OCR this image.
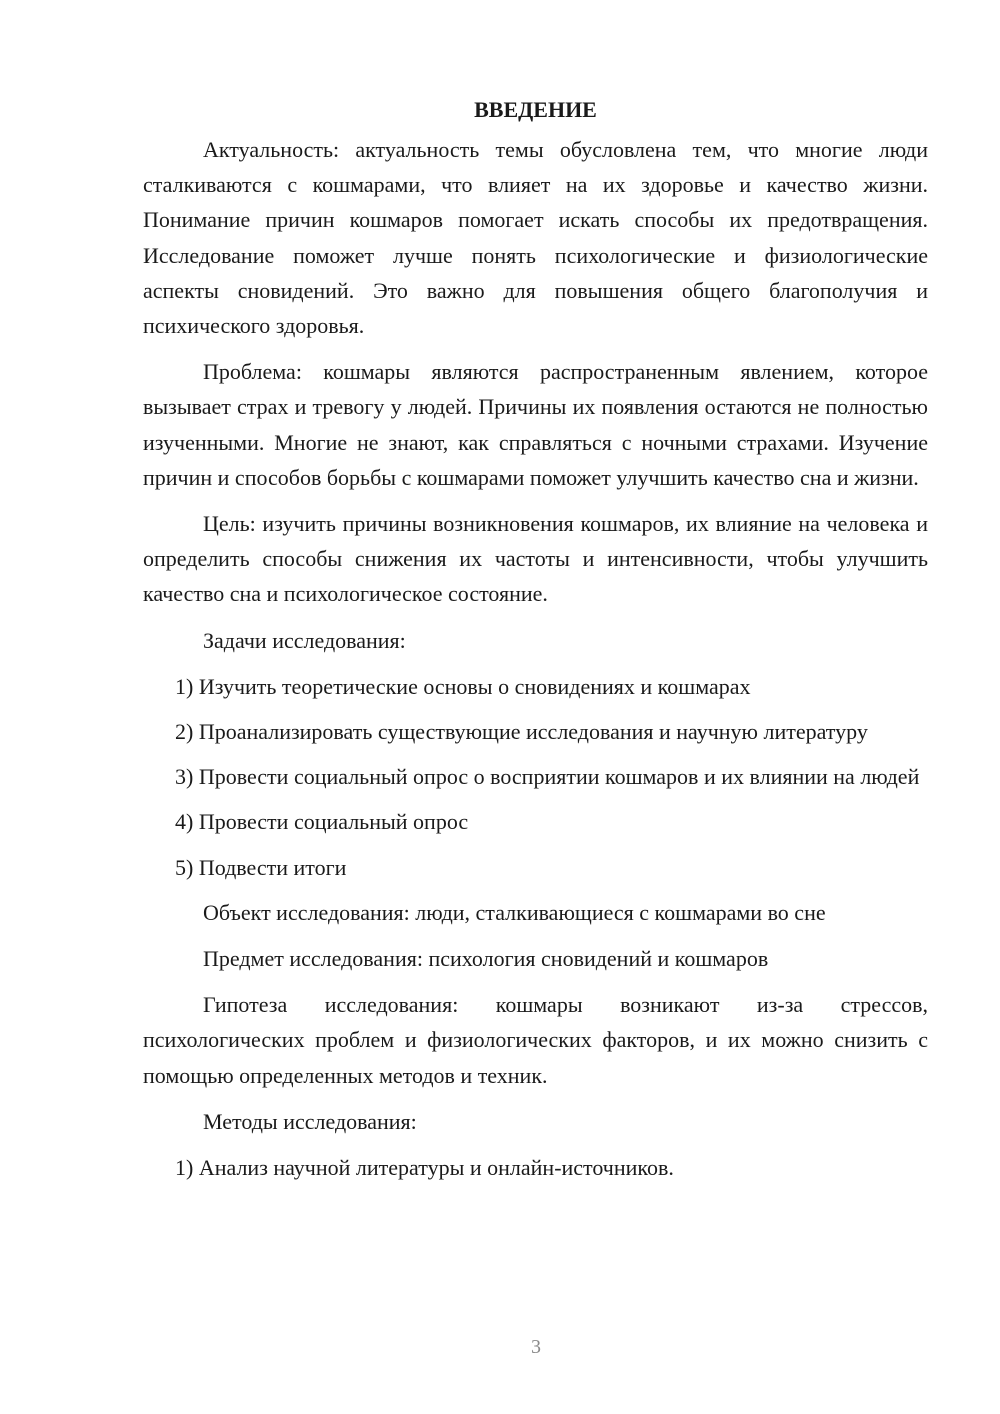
ВВЕДЕНИЕ
Актуальность: актуальность темы обусловлена тем, что многие люди сталкиваются с кошмарами, что влияет на их здоровье и качество жизни. Понимание причин кошмаров помогает искать способы их предотвращения. Исследование поможет лучше понять психологические и физиологические аспекты сновидений. Это важно для повышения общего благополучия и психического здоровья.
Проблема: кошмары являются распространенным явлением, которое вызывает страх и тревогу у людей. Причины их появления остаются не полностью изученными. Многие не знают, как справляться с ночными страхами. Изучение причин и способов борьбы с кошмарами поможет улучшить качество сна и жизни.
Цель: изучить причины возникновения кошмаров, их влияние на человека и определить способы снижения их частоты и интенсивности, чтобы улучшить качество сна и психологическое состояние.
Задачи исследования:
1) Изучить теоретические основы о сновидениях и кошмарах
2) Проанализировать существующие исследования и научную литературу
3) Провести социальный опрос о восприятии кошмаров и их влиянии на людей
4) Провести социальный опрос
5) Подвести итоги
Объект исследования: люди, сталкивающиеся с кошмарами во сне
Предмет исследования: психология сновидений и кошмаров
Гипотеза исследования: кошмары возникают из-за стрессов, психологических проблем и физиологических факторов, и их можно снизить с помощью определенных методов и техник.
Методы исследования:
1) Анализ научной литературы и онлайн-источников.
3
